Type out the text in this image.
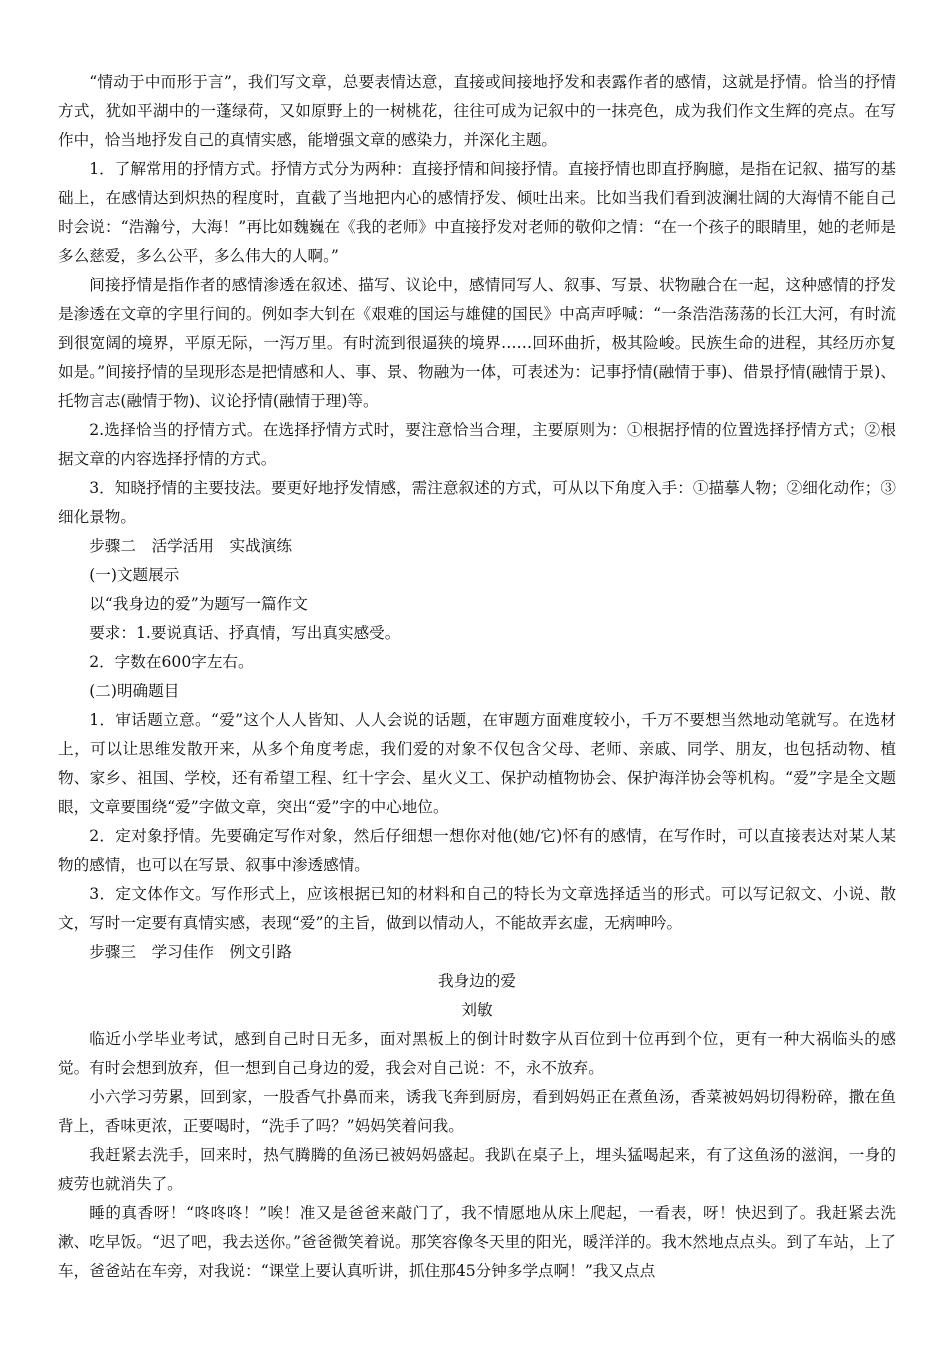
“情动于中而形于言”，我们写文章，总要表情达意，直接或间接地抒发和表露作者的感情，这就是抒情。恰当的抒情方式，犹如平湖中的一蓬绿荷，又如原野上的一树桃花，往往可成为记叙中的一抹亮色，成为我们作文生辉的亮点。在写作中，恰当地抒发自己的真情实感，能增强文章的感染力，并深化主题。

1．了解常用的抒情方式。抒情方式分为两种：直接抒情和间接抒情。直接抒情也即直抒胸臆，是指在记叙、描写的基础上，在感情达到炽热的程度时，直截了当地把内心的感情抒发、倾吐出来。比如当我们看到波澜壮阔的大海情不能自己时会说：“浩瀚兮，大海！”再比如魏巍在《我的老师》中直接抒发对老师的敬仰之情：“在一个孩子的眼睛里，她的老师是多么慈爱，多么公平，多么伟大的人啊。”

间接抒情是指作者的感情渗透在叙述、描写、议论中，感情同写人、叙事、写景、状物融合在一起，这种感情的抒发是渗透在文章的字里行间的。例如李大钊在《艰难的国运与雄健的国民》中高声呼喊：“一条浩浩荡荡的长江大河，有时流到很宽阔的境界，平原无际，一泻万里。有时流到很逼狭的境界……回环曲折，极其险峻。民族生命的进程，其经历亦复如是。”间接抒情的呈现形态是把情感和人、事、景、物融为一体，可表述为：记事抒情(融情于事)、借景抒情(融情于景)、托物言志(融情于物)、议论抒情(融情于理)等。

2.选择恰当的抒情方式。在选择抒情方式时，要注意恰当合理，主要原则为：①根据抒情的位置选择抒情方式；②根据文章的内容选择抒情的方式。

3．知晓抒情的主要技法。要更好地抒发情感，需注意叙述的方式，可从以下角度入手：①描摹人物；②细化动作；③细化景物。

步骤二　活学活用　实战演练

(一)文题展示

以“我身边的爱”为题写一篇作文

要求：1.要说真话、抒真情，写出真实感受。

2．字数在600字左右。

(二)明确题目

1．审话题立意。“爱”这个人人皆知、人人会说的话题，在审题方面难度较小，千万不要想当然地动笔就写。在选材上，可以让思维发散开来，从多个角度考虑，我们爱的对象不仅包含父母、老师、亲戚、同学、朋友，也包括动物、植物、家乡、祖国、学校，还有希望工程、红十字会、星火义工、保护动植物协会、保护海洋协会等机构。“爱”字是全文题眼，文章要围绕“爱”字做文章，突出“爱”字的中心地位。

2．定对象抒情。先要确定写作对象，然后仔细想一想你对他(她/它)怀有的感情，在写作时，可以直接表达对某人某物的感情，也可以在写景、叙事中渗透感情。

3．定文体作文。写作形式上，应该根据已知的材料和自己的特长为文章选择适当的形式。可以写记叙文、小说、散文，写时一定要有真情实感，表现“爱”的主旨，做到以情动人，不能故弄玄虚，无病呻吟。

步骤三　学习佳作　例文引路

我身边的爱

刘敏

临近小学毕业考试，感到自己时日无多，面对黑板上的倒计时数字从百位到十位再到个位，更有一种大祸临头的感觉。有时会想到放弃，但一想到自己身边的爱，我会对自己说：不，永不放弃。

小六学习劳累，回到家，一股香气扑鼻而来，诱我飞奔到厨房，看到妈妈正在煮鱼汤，香菜被妈妈切得粉碎，撒在鱼背上，香味更浓，正要喝时，“洗手了吗？”妈妈笑着问我。

我赶紧去洗手，回来时，热气腾腾的鱼汤已被妈妈盛起。我趴在桌子上，埋头猛喝起来，有了这鱼汤的滋润，一身的疲劳也就消失了。

睡的真香呀！“咚咚咚！”唉！准又是爸爸来敲门了，我不情愿地从床上爬起，一看表，呀！快迟到了。我赶紧去洗漱、吃早饭。“迟了吧，我去送你。”爸爸微笑着说。那笑容像冬天里的阳光，暖洋洋的。我木然地点点头。到了车站，上了车，爸爸站在车旁，对我说：“课堂上要认真听讲，抓住那45分钟多学点啊！”我又点点
